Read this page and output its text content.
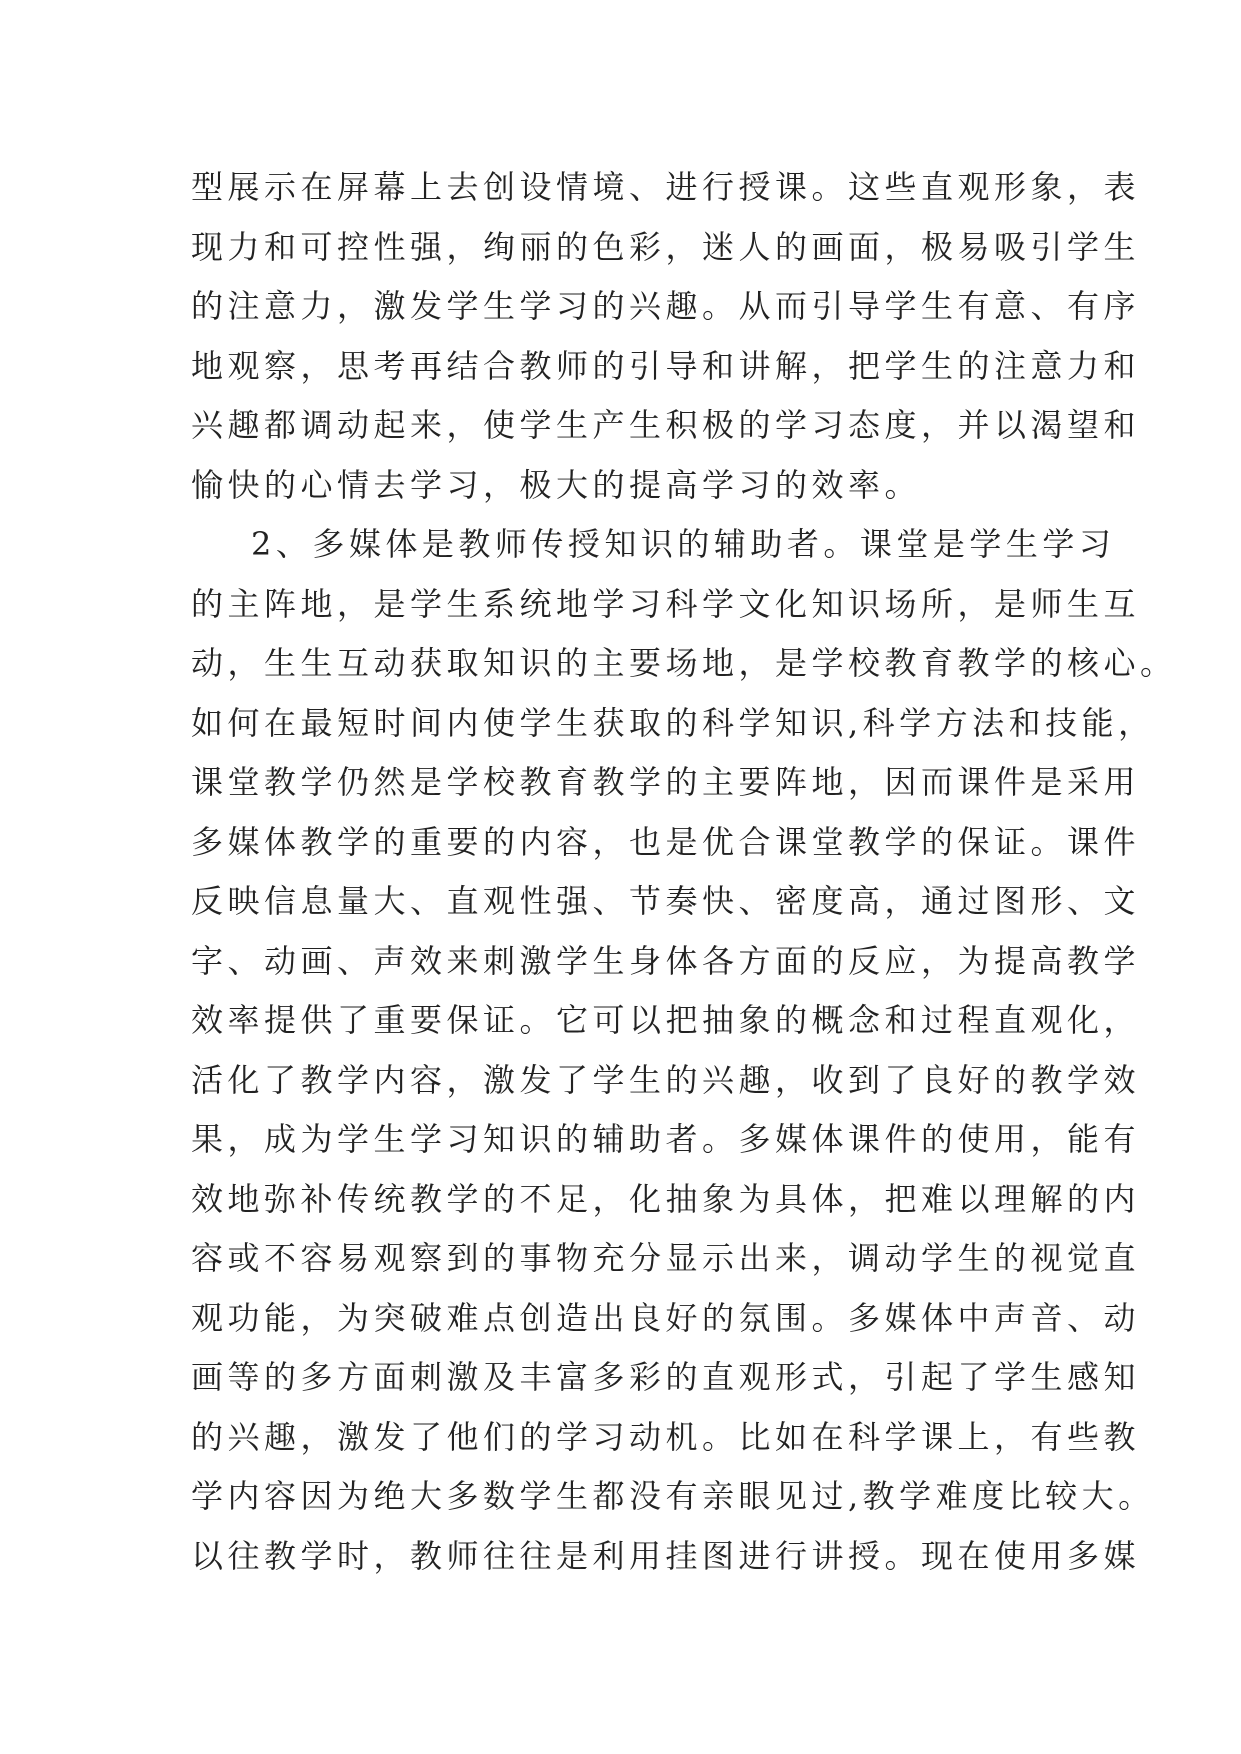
型展示在屏幕上去创设情境、进行授课。这些直观形象，表
现力和可控性强，绚丽的色彩，迷人的画面，极易吸引学生
的注意力，激发学生学习的兴趣。从而引导学生有意、有序
地观察，思考再结合教师的引导和讲解，把学生的注意力和
兴趣都调动起来，使学生产生积极的学习态度，并以渴望和
愉快的心情去学习，极大的提高学习的效率。
2、多媒体是教师传授知识的辅助者。课堂是学生学习
的主阵地，是学生系统地学习科学文化知识场所，是师生互
动，生生互动获取知识的主要场地，是学校教育教学的核心。
如何在最短时间内使学生获取的科学知识,科学方法和技能，
课堂教学仍然是学校教育教学的主要阵地，因而课件是采用
多媒体教学的重要的内容，也是优合课堂教学的保证。课件
反映信息量大、直观性强、节奏快、密度高，通过图形、文
字、动画、声效来刺激学生身体各方面的反应，为提高教学
效率提供了重要保证。它可以把抽象的概念和过程直观化，
活化了教学内容，激发了学生的兴趣，收到了良好的教学效
果，成为学生学习知识的辅助者。多媒体课件的使用，能有
效地弥补传统教学的不足，化抽象为具体，把难以理解的内
容或不容易观察到的事物充分显示出来，调动学生的视觉直
观功能，为突破难点创造出良好的氛围。多媒体中声音、动
画等的多方面刺激及丰富多彩的直观形式，引起了学生感知
的兴趣，激发了他们的学习动机。比如在科学课上，有些教
学内容因为绝大多数学生都没有亲眼见过,教学难度比较大。
以往教学时，教师往往是利用挂图进行讲授。现在使用多媒
